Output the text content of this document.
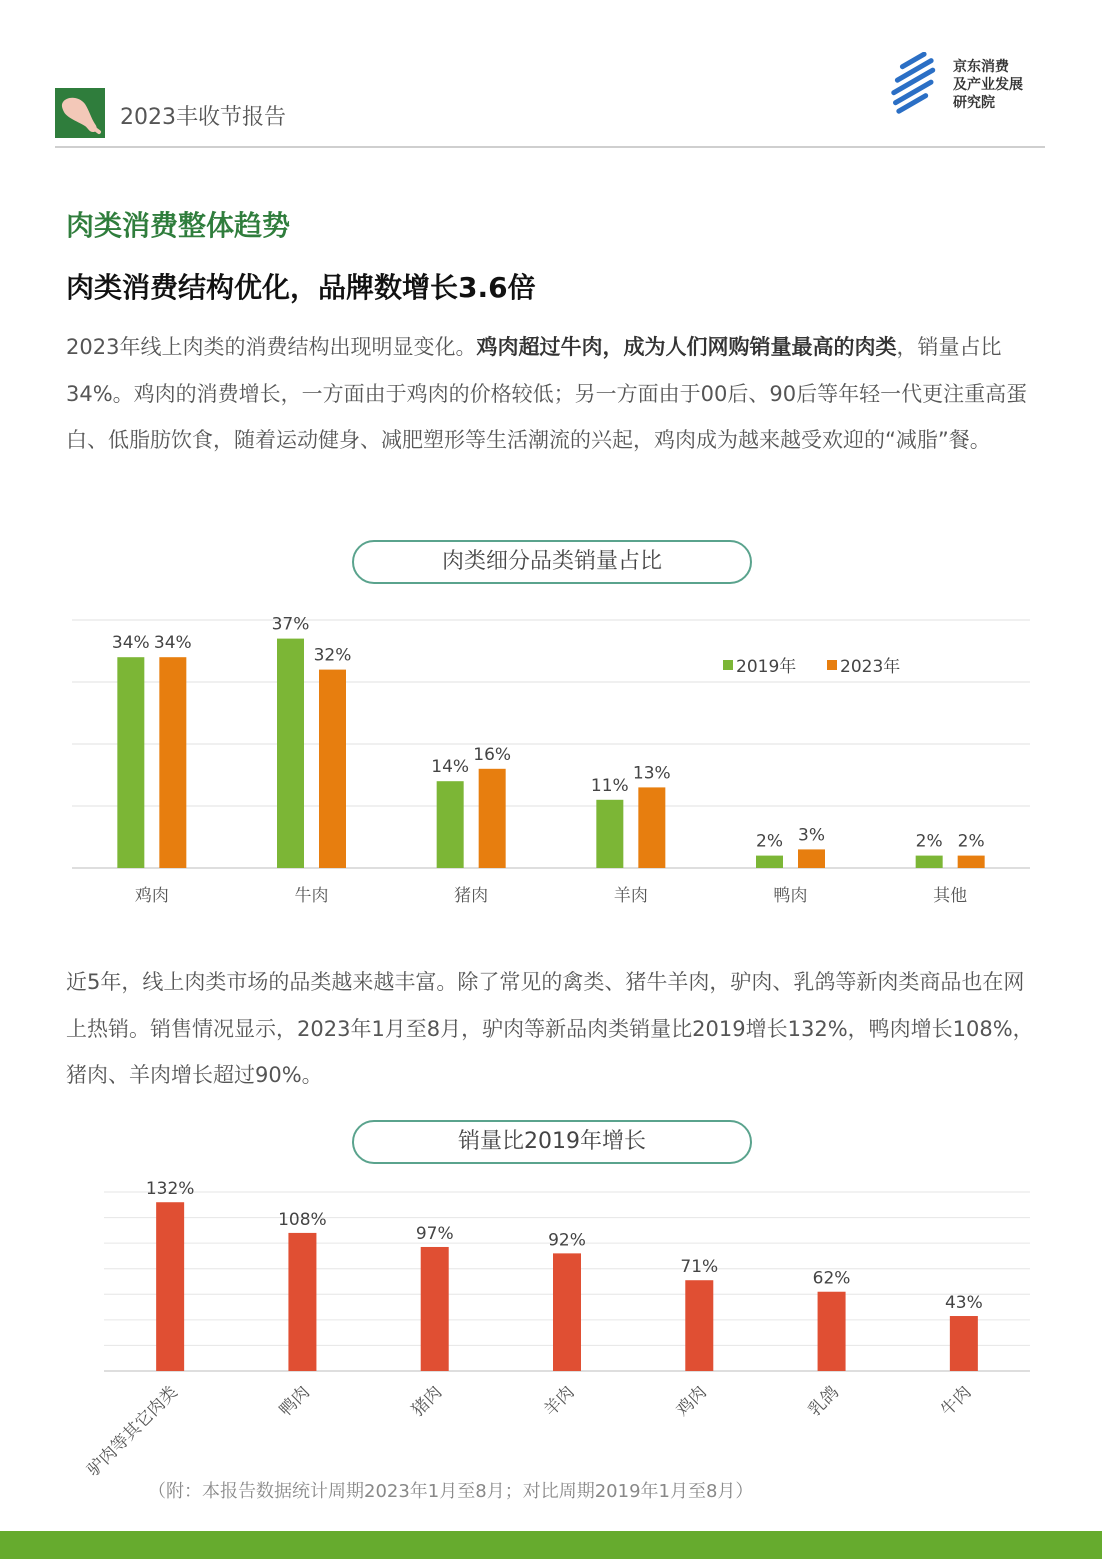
2023丰收节报告
京东消费
及产业发展
研究院
肉类消费整体趋势
肉类消费结构优化，品牌数增长3.6倍
2023年线上肉类的消费结构出现明显变化。鸡肉超过牛肉，成为人们网购销量最高的肉类，销量占比34%。鸡肉的消费增长，一方面由于鸡肉的价格较低；另一方面由于00后、90后等年轻一代更注重高蛋白、低脂肪饮食，随着运动健身、减肥塑形等生活潮流的兴起，鸡肉成为越来越受欢迎的“减脂”餐。
肉类细分品类销量占比
34% 34%
鸡肉
37%
32%
牛肉
14%
16%
猪肉
11%
13%
羊肉
2% 3%
鸭肉
2% 2%
其他
2019年	2023年
近5年，线上肉类市场的品类越来越丰富。除了常见的禽类、猪牛羊肉，驴肉、乳鸽等新肉类商品也在网上热销。销售情况显示，2023年1月至8月，驴肉等新品肉类销量比2019增长132%，鸭肉增长108%，猪肉、羊肉增长超过90%。
销量比2019年增长
132%
驴肉等其它肉类
108%
鸭肉
97%
猪肉
92%
羊肉
71%
鸡肉
62%
乳鸽
43%
牛肉
（附：本报告数据统计周期2023年1月至8月；对比周期2019年1月至8月）
